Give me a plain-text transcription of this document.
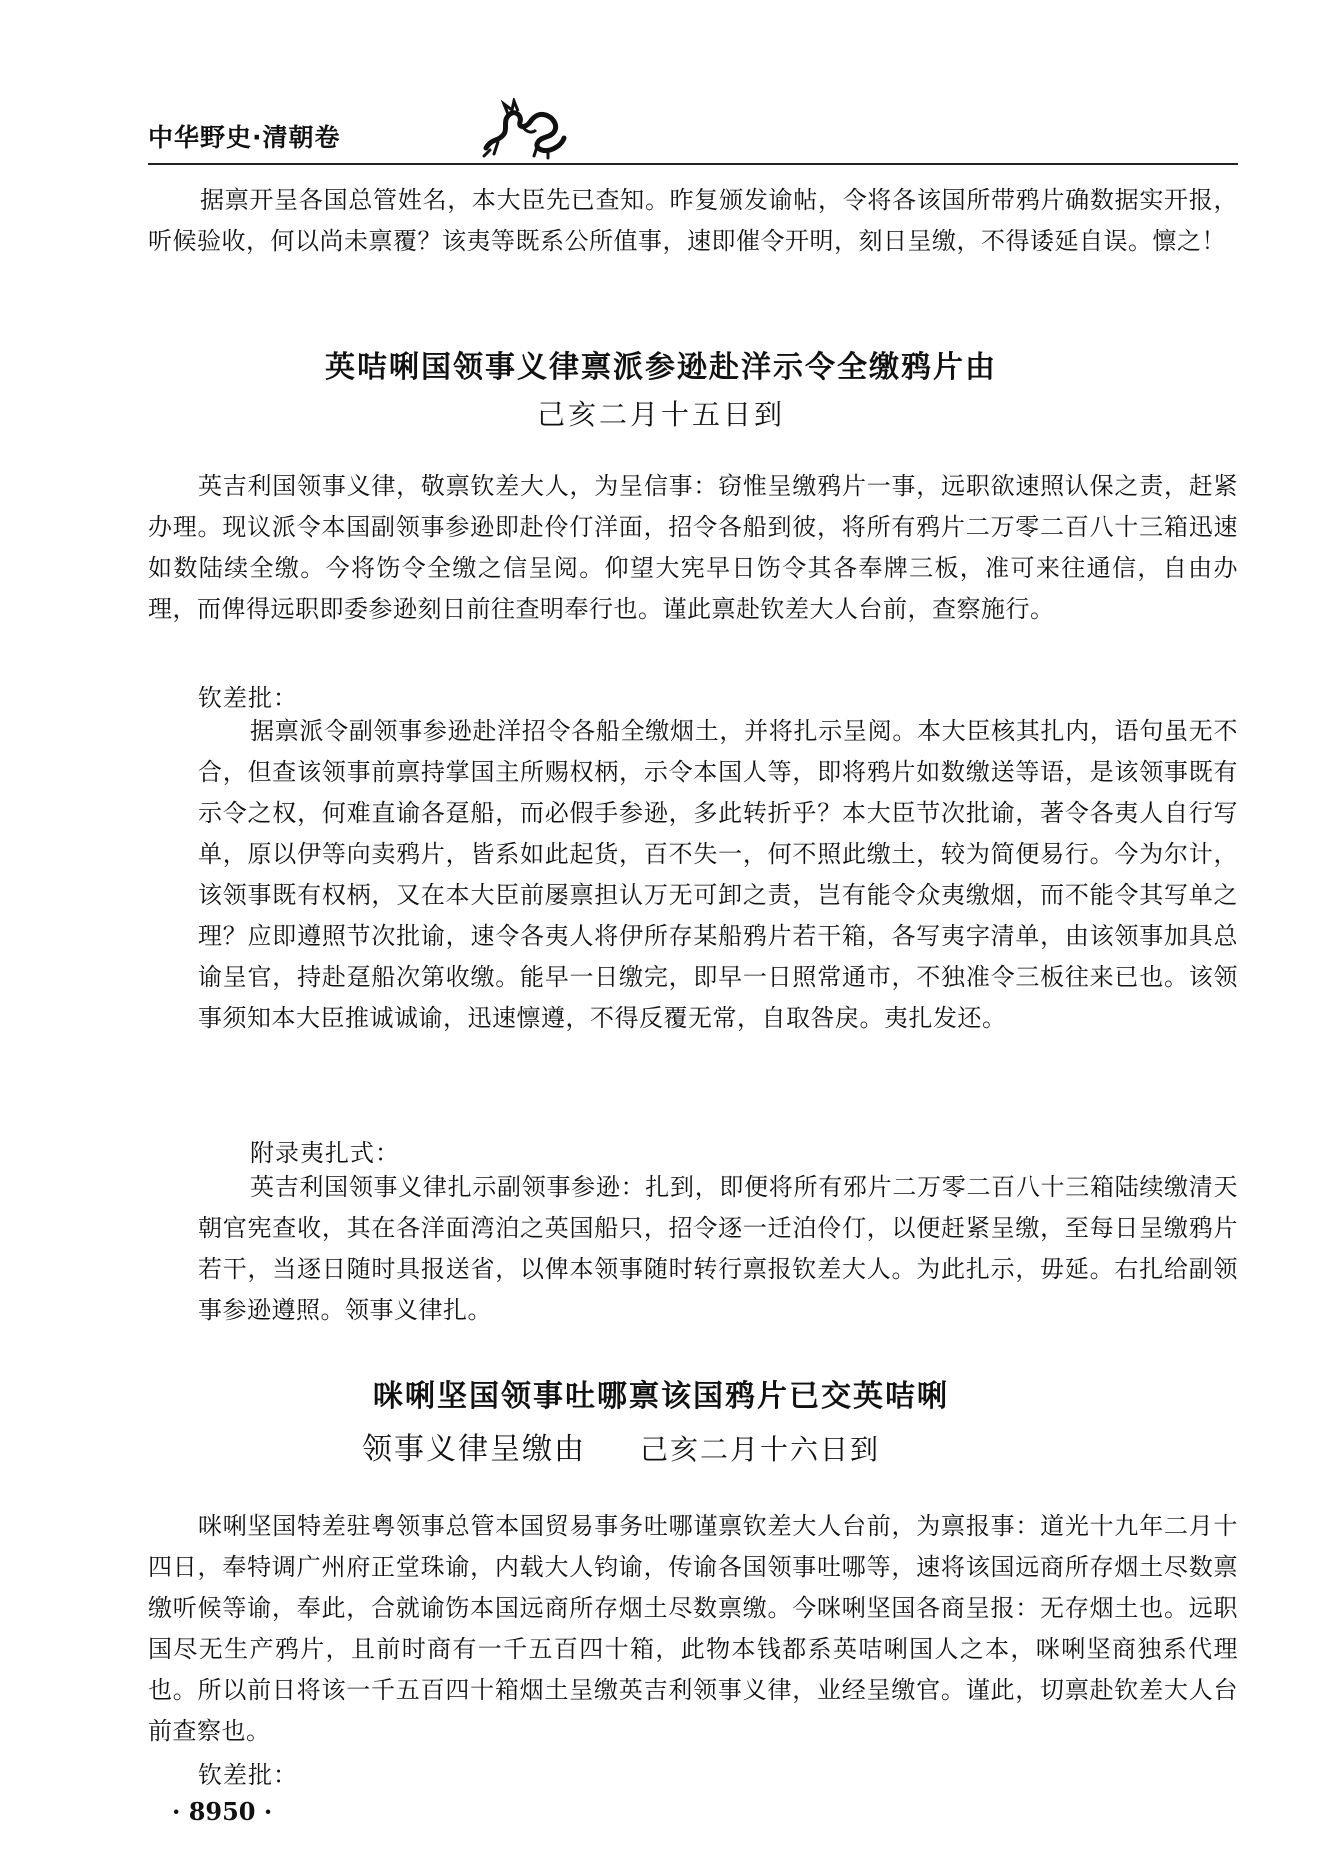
中华野史·清朝卷

据禀开呈各国总管姓名，本大臣先已查知。昨复颁发谕帖，令将各该国所带鸦片确数据实开报，听候验收，何以尚未禀覆？该夷等既系公所值事，速即催令开明，刻日呈缴，不得诿延自误。懔之！

英咭唎国领事义律禀派参逊赴洋示令全缴鸦片由
己亥二月十五日到

英吉利国领事义律，敬禀钦差大人，为呈信事：窃惟呈缴鸦片一事，远职欲速照认保之责，赶紧办理。现议派令本国副领事参逊即赴伶仃洋面，招令各船到彼，将所有鸦片二万零二百八十三箱迅速如数陆续全缴。今将饬令全缴之信呈阅。仰望大宪早日饬令其各奉牌三板，准可来往通信，自由办理，而俾得远职即委参逊刻日前往查明奉行也。谨此禀赴钦差大人台前，查察施行。

钦差批：

据禀派令副领事参逊赴洋招令各船全缴烟土，并将扎示呈阅。本大臣核其扎内，语句虽无不合，但查该领事前禀持掌国主所赐权柄，示令本国人等，即将鸦片如数缴送等语，是该领事既有示令之权，何难直谕各趸船，而必假手参逊，多此转折乎？本大臣节次批谕，著令各夷人自行写单，原以伊等向卖鸦片，皆系如此起货，百不失一，何不照此缴土，较为简便易行。今为尔计，该领事既有权柄，又在本大臣前屡禀担认万无可卸之责，岂有能令众夷缴烟，而不能令其写单之理？应即遵照节次批谕，速令各夷人将伊所存某船鸦片若干箱，各写夷字清单，由该领事加具总谕呈官，持赴趸船次第收缴。能早一日缴完，即早一日照常通市，不独准令三板往来已也。该领事须知本大臣推诚诚谕，迅速懔遵，不得反覆无常，自取咎戾。夷扎发还。

附录夷扎式：

英吉利国领事义律扎示副领事参逊：扎到，即便将所有邪片二万零二百八十三箱陆续缴清天朝官宪查收，其在各洋面湾泊之英国船只，招令逐一迁泊伶仃，以便赶紧呈缴，至每日呈缴鸦片若干，当逐日随时具报送省，以俾本领事随时转行禀报钦差大人。为此扎示，毋延。右扎给副领事参逊遵照。领事义律扎。

咪唎坚国领事吐哪禀该国鸦片已交英咭唎
领事义律呈缴由 己亥二月十六日到

咪唎坚国特差驻粤领事总管本国贸易事务吐哪谨禀钦差大人台前，为禀报事：道光十九年二月十四日，奉特调广州府正堂珠谕，内载大人钧谕，传谕各国领事吐哪等，速将该国远商所存烟土尽数禀缴听候等谕，奉此，合就谕饬本国远商所存烟土尽数禀缴。今咪唎坚国各商呈报：无存烟土也。远职国尽无生产鸦片，且前时商有一千五百四十箱，此物本钱都系英咭唎国人之本，咪唎坚商独系代理也。所以前日将该一千五百四十箱烟土呈缴英吉利领事义律，业经呈缴官。谨此，切禀赴钦差大人台前查察也。

钦差批：
· 8950 ·
